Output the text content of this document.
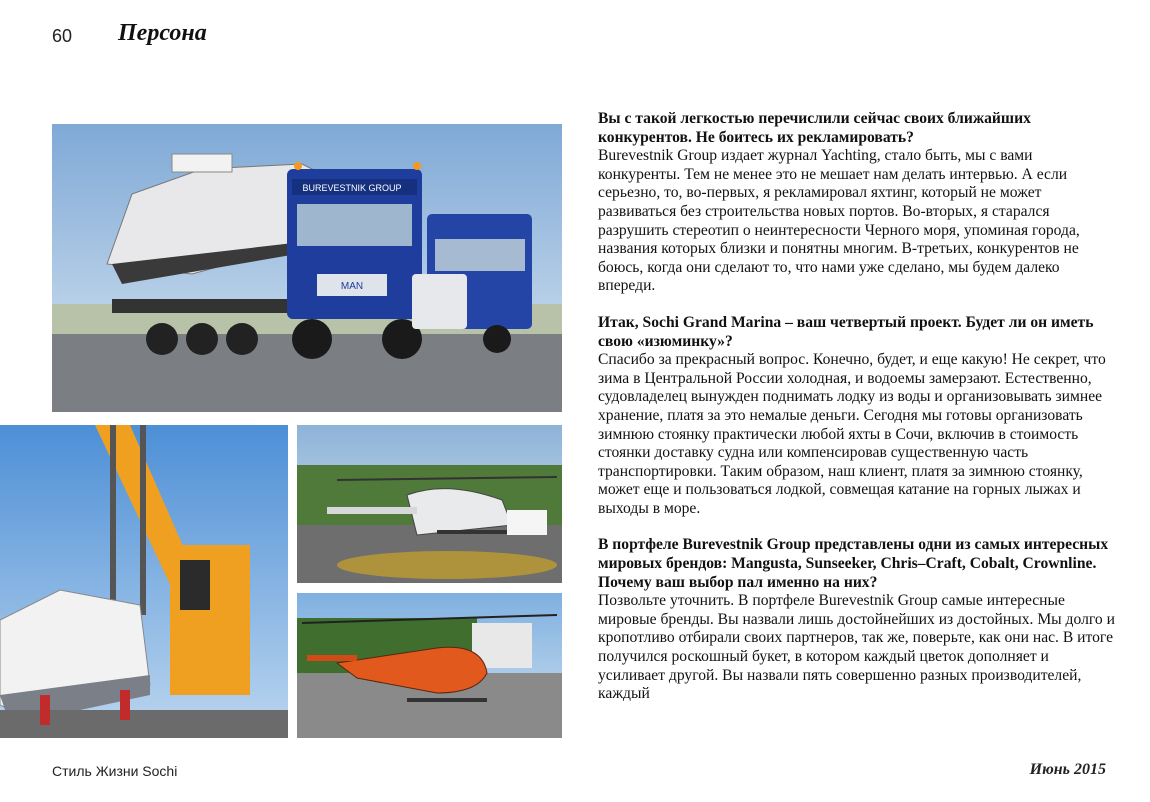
60 Персона
BUREVESTNIK GROUP
MAN
Вы с такой легкостью перечислили сейчас своих ближайших конкурентов. Не боитесь их рекламировать?
Burevestnik Group издает журнал Yachting, стало быть, мы с вами конкуренты. Тем не менее это не мешает нам делать интервью. А если серьезно, то, во-первых, я рекламировал яхтинг, который не может развиваться без строительства новых портов. Во-вторых, я старался разрушить стереотип о неинтересности Черного моря, упоминая города, названия которых близки и понятны многим. В-третьих, конкурентов не боюсь, когда они сделают то, что нами уже сделано, мы будем далеко впереди.
Итак, Sochi Grand Marina – ваш четвертый проект. Будет ли он иметь свою «изюминку»?
Спасибо за прекрасный вопрос. Конечно, будет, и еще какую! Не секрет, что зима в Центральной России холодная, и водоемы замерзают. Естественно, судовладелец вынужден поднимать лодку из воды и организовывать зимнее хранение, платя за это немалые деньги. Сегодня мы готовы организовать зимнюю стоянку практически любой яхты в Сочи, включив в стоимость стоянки доставку судна или компенсировав существенную часть транспортировки. Таким образом, наш клиент, платя за зимнюю стоянку, может еще и пользоваться лодкой, совмещая катание на горных лыжах и выходы в море.
В портфеле Burevestnik Group представлены одни из самых интересных мировых брендов: Mangusta, Sunseeker, Chris–Craft, Cobalt, Crownline. Почему ваш выбор пал именно на них?
Позвольте уточнить. В портфеле Burevestnik Group самые интересные мировые бренды. Вы назвали лишь достойнейших из достойных. Мы долго и кропотливо отбирали своих партнеров, так же, поверьте, как они нас. В итоге получился роскошный букет, в котором каждый цветок дополняет и усиливает другой. Вы назвали пять совершенно разных производителей, каждый
Стиль Жизни Sochi	Июнь 2015
